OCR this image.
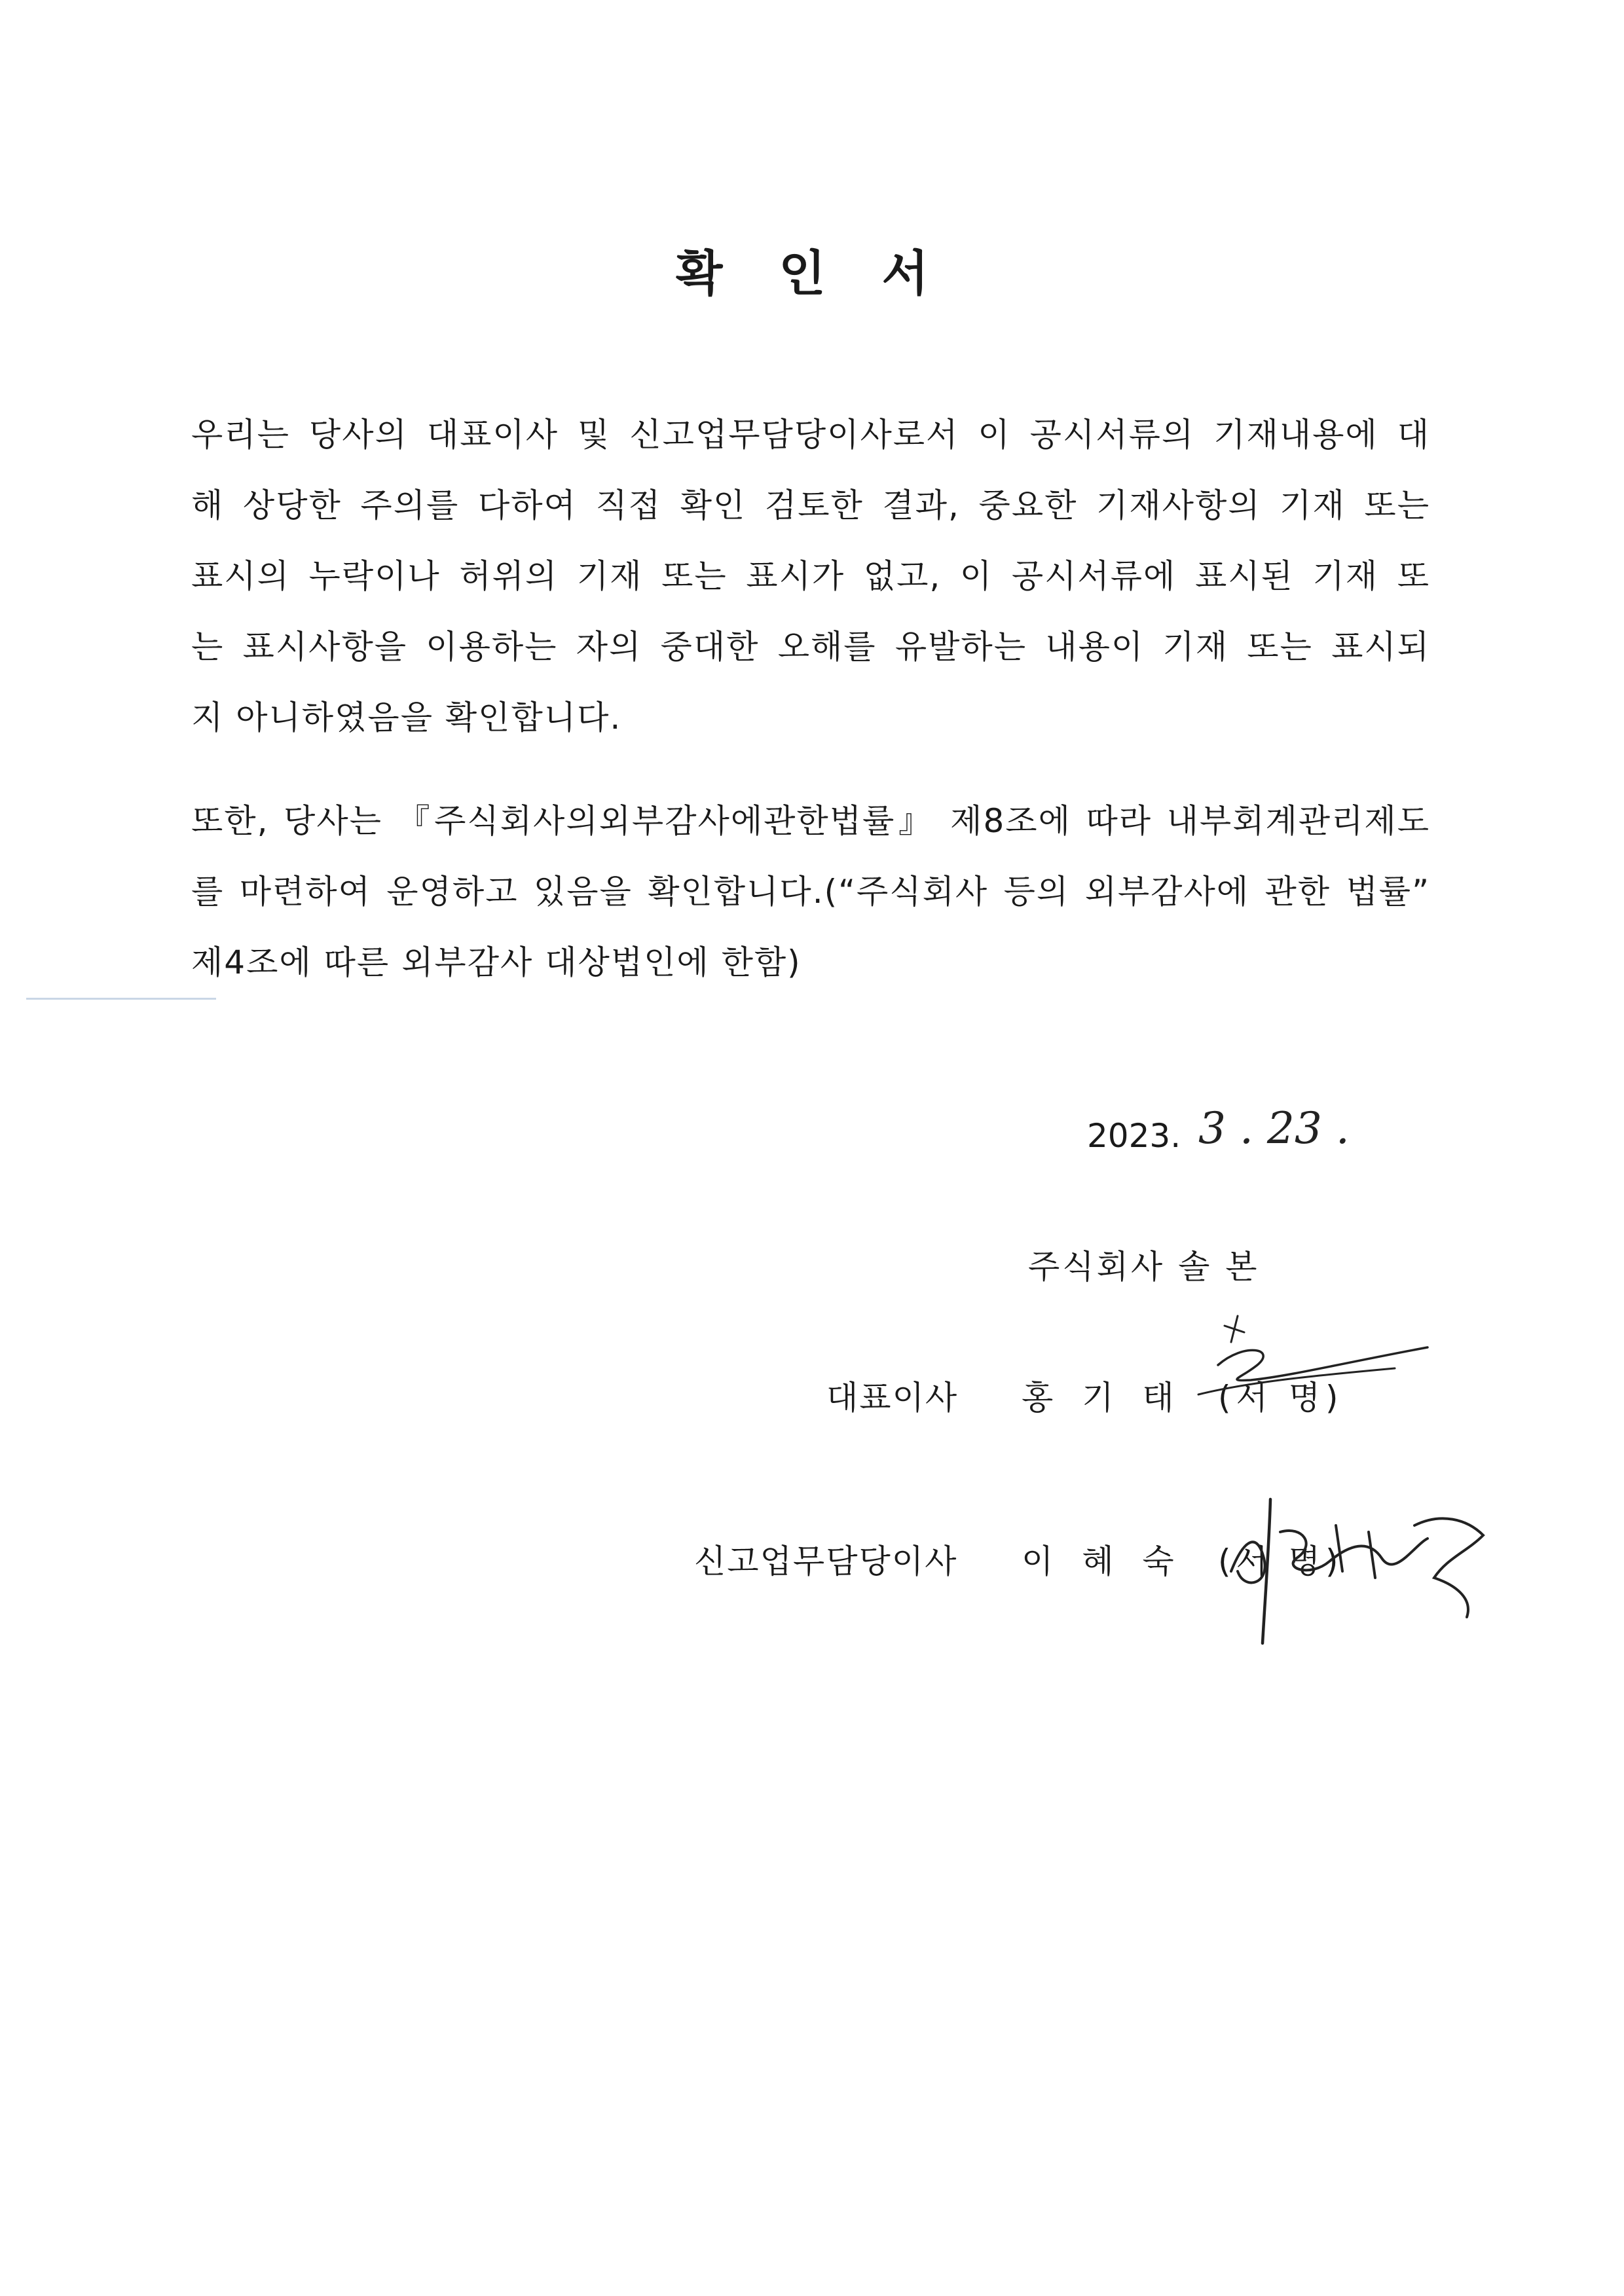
확 인 서
우리는 당사의 대표이사 및 신고업무담당이사로서 이 공시서류의 기재내용에 대
해 상당한 주의를 다하여 직접 확인 검토한 결과, 중요한 기재사항의 기재 또는
표시의 누락이나 허위의 기재 또는 표시가 없고, 이 공시서류에 표시된 기재 또
는 표시사항을 이용하는 자의 중대한 오해를 유발하는 내용이 기재 또는 표시되
지 아니하였음을 확인합니다.
또한, 당사는 『주식회사의외부감사에관한법률』 제8조에 따라 내부회계관리제도
를 마련하여 운영하고 있음을 확인합니다.(“주식회사 등의 외부감사에 관한 법률”
제4조에 따른 외부감사 대상법인에 한함)
2023. 3 . 23 .
주식회사 솔 본
대표이사 홍 기 태 (서 명)
신고업무담당이사 이 혜 숙 (서 명)
